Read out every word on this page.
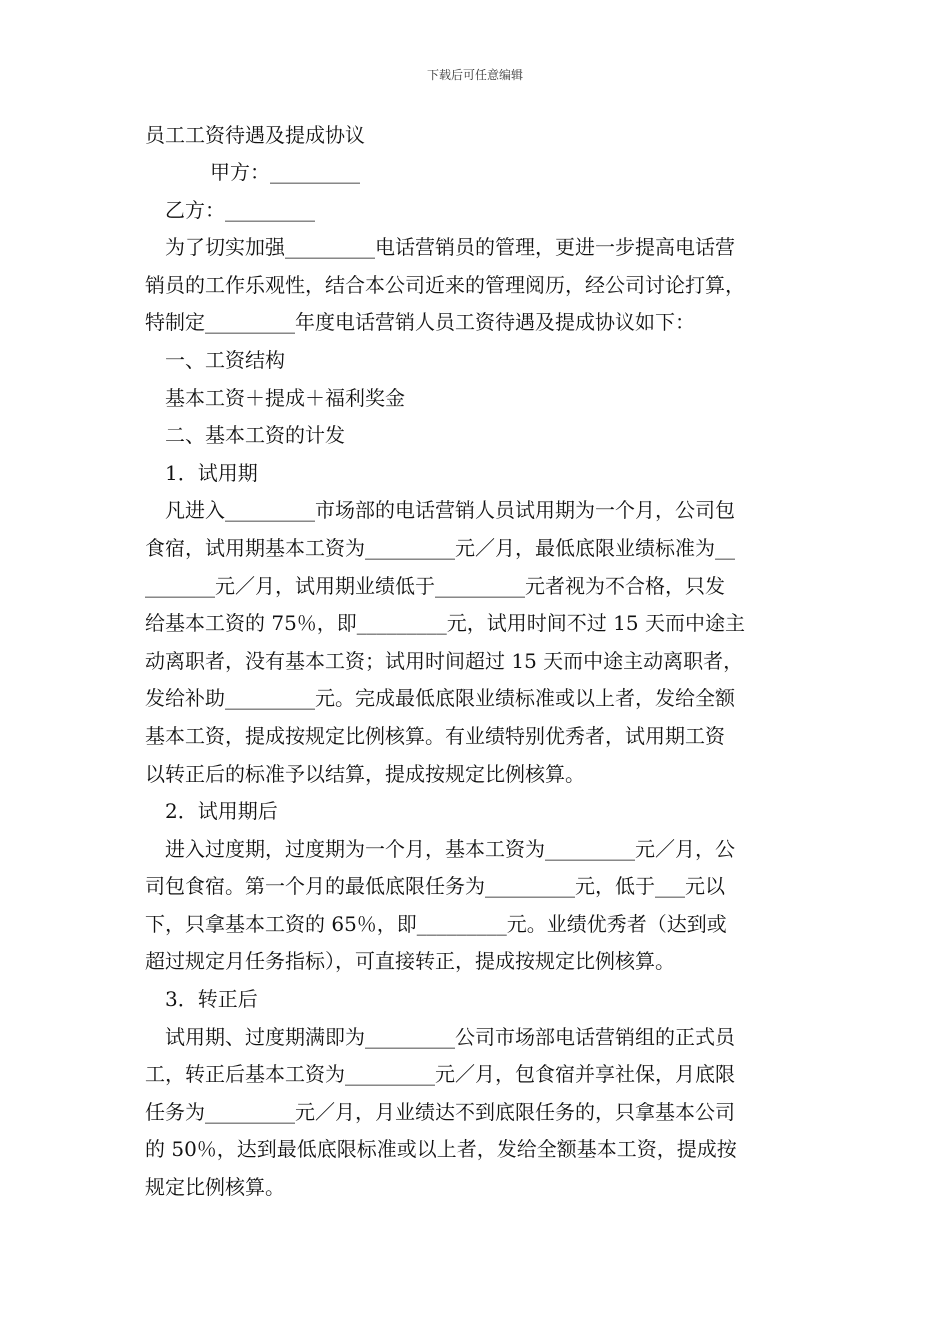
下载后可任意编辑
员工工资待遇及提成协议
甲方：_________
乙方：_________
为了切实加强_________电话营销员的管理，更进一步提高电话营
销员的工作乐观性，结合本公司近来的管理阅历，经公司讨论打算，
特制定_________年度电话营销人员工资待遇及提成协议如下：
一、工资结构
基本工资＋提成＋福利奖金
二、基本工资的计发
1．试用期
凡进入_________市场部的电话营销人员试用期为一个月，公司包
食宿，试用期基本工资为_________元／月，最低底限业绩标准为__
_______元／月，试用期业绩低于_________元者视为不合格，只发
给基本工资的 75％，即_________元，试用时间不过 15 天而中途主
动离职者，没有基本工资；试用时间超过 15 天而中途主动离职者，
发给补助_________元。完成最低底限业绩标准或以上者，发给全额
基本工资，提成按规定比例核算。有业绩特别优秀者，试用期工资
以转正后的标准予以结算，提成按规定比例核算。
2．试用期后
进入过度期，过度期为一个月，基本工资为_________元／月，公
司包食宿。第一个月的最低底限任务为_________元，低于___元以
下，只拿基本工资的 65％，即_________元。业绩优秀者（达到或
超过规定月任务指标），可直接转正，提成按规定比例核算。
3．转正后
试用期、过度期满即为_________公司市场部电话营销组的正式员
工，转正后基本工资为_________元／月，包食宿并享社保，月底限
任务为_________元／月，月业绩达不到底限任务的，只拿基本公司
的 50％，达到最低底限标准或以上者，发给全额基本工资，提成按
规定比例核算。
